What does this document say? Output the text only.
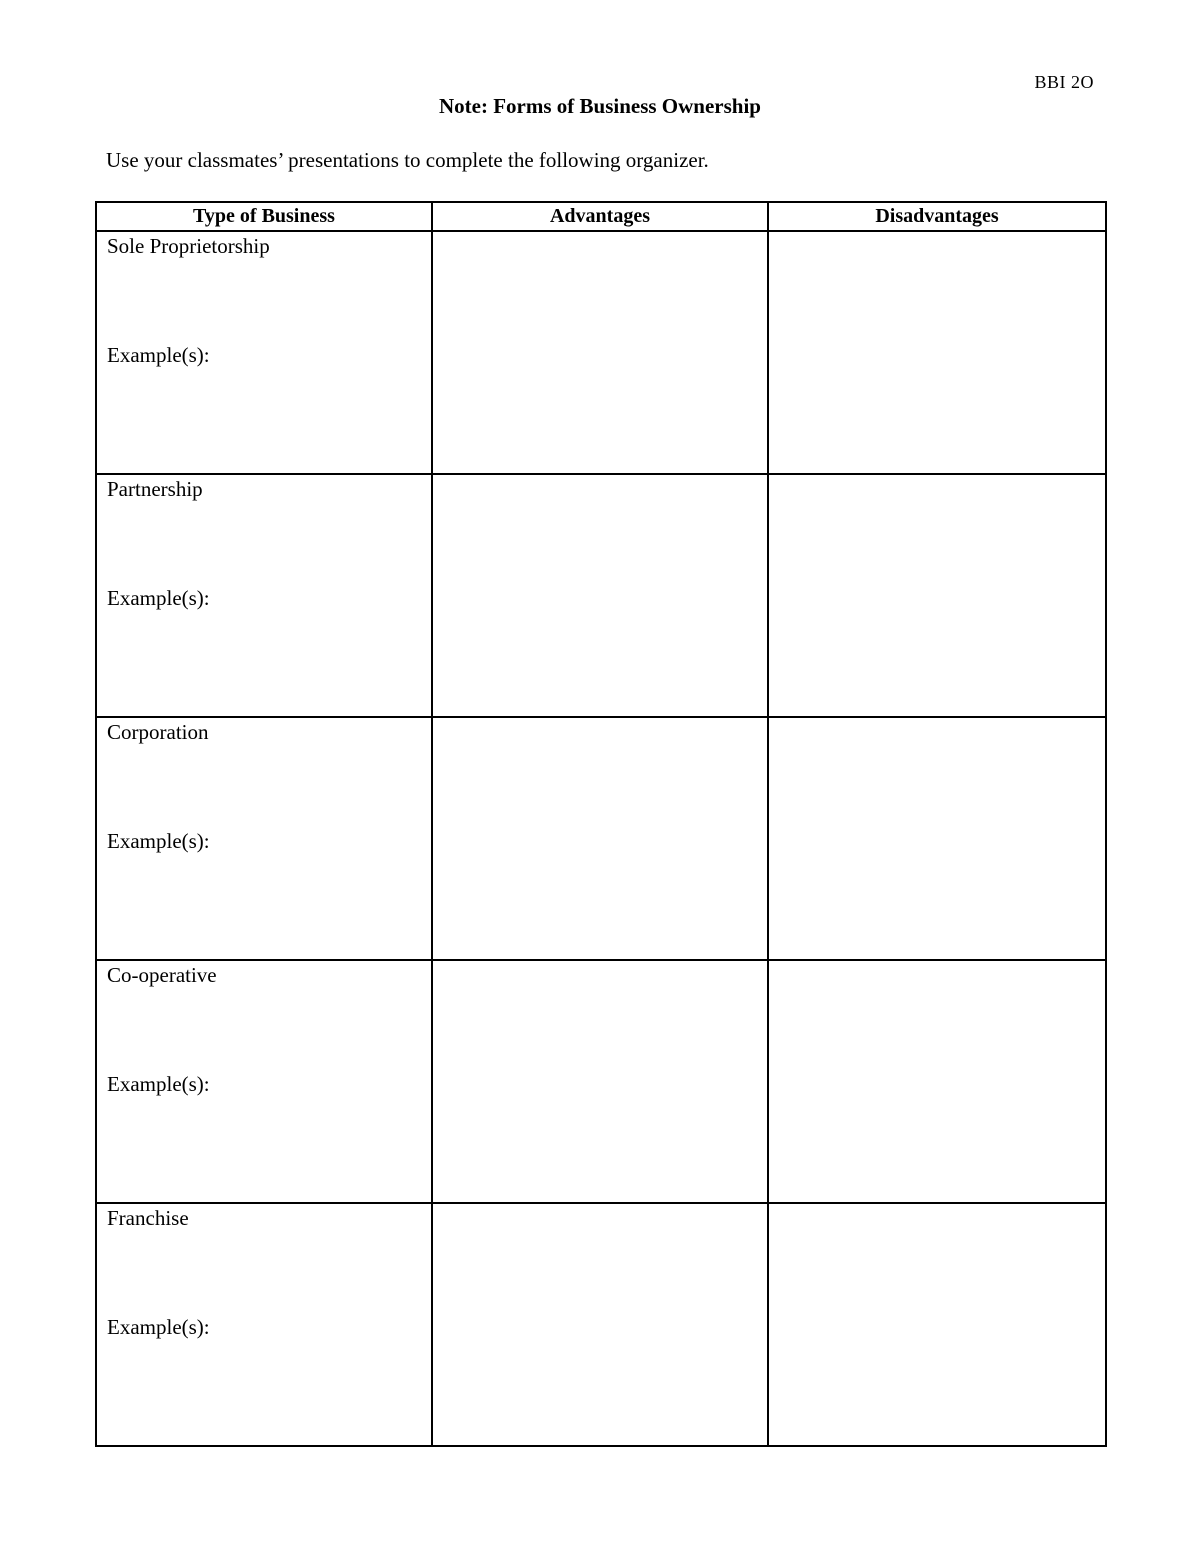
BBI 2O
Note: Forms of Business Ownership
Use your classmates’ presentations to complete the following organizer.
Type of Business	Advantages	Disadvantages

Sole Proprietorship
Example(s):		

Partnership
Example(s):		

Corporation
Example(s):		

Co-operative
Example(s):		

Franchise
Example(s):		
